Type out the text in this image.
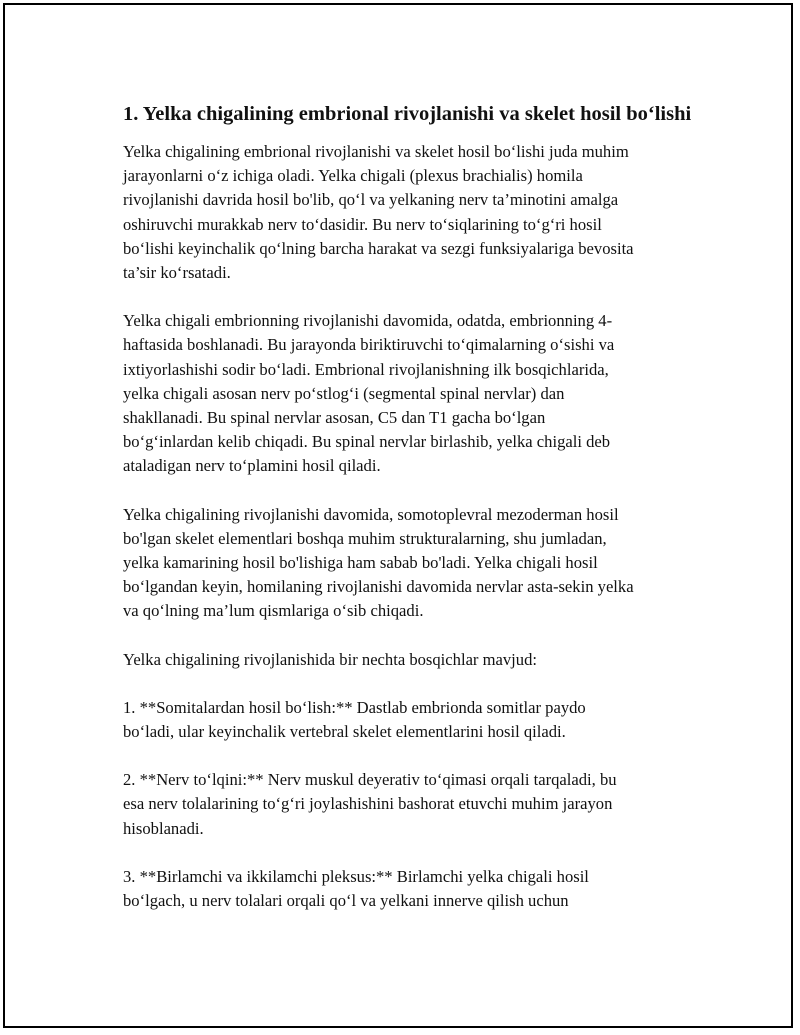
1. Yelka chigalining embrional rivojlanishi va skelet hosil bo‘lishi

Yelka chigalining embrional rivojlanishi va skelet hosil bo‘lishi juda muhim
jarayonlarni o‘z ichiga oladi. Yelka chigali (plexus brachialis) homila
rivojlanishi davrida hosil bo'lib, qo‘l va yelkaning nerv ta’minotini amalga
oshiruvchi murakkab nerv to‘dasidir. Bu nerv to‘siqlarining to‘g‘ri hosil
bo‘lishi keyinchalik qo‘lning barcha harakat va sezgi funksiyalariga bevosita
ta’sir ko‘rsatadi.

Yelka chigali embrionning rivojlanishi davomida, odatda, embrionning 4-
haftasida boshlanadi. Bu jarayonda biriktiruvchi to‘qimalarning o‘sishi va
ixtiyorlashishi sodir bo‘ladi. Embrional rivojlanishning ilk bosqichlarida,
yelka chigali asosan nerv po‘stlog‘i (segmental spinal nervlar) dan
shakllanadi. Bu spinal nervlar asosan, C5 dan T1 gacha bo‘lgan
bo‘g‘inlardan kelib chiqadi. Bu spinal nervlar birlashib, yelka chigali deb
ataladigan nerv to‘plamini hosil qiladi.

Yelka chigalining rivojlanishi davomida, somotoplevral mezoderman hosil
bo'lgan skelet elementlari boshqa muhim strukturalarning, shu jumladan,
yelka kamarining hosil bo'lishiga ham sabab bo'ladi. Yelka chigali hosil
bo‘lgandan keyin, homilaning rivojlanishi davomida nervlar asta-sekin yelka
va qo‘lning ma’lum qismlariga o‘sib chiqadi.

Yelka chigalining rivojlanishida bir nechta bosqichlar mavjud:

1. **Somitalardan hosil bo‘lish:** Dastlab embrionda somitlar paydo
bo‘ladi, ular keyinchalik vertebral skelet elementlarini hosil qiladi.

2. **Nerv to‘lqini:** Nerv muskul deyerativ to‘qimasi orqali tarqaladi, bu
esa nerv tolalarining to‘g‘ri joylashishini bashorat etuvchi muhim jarayon
hisoblanadi.

3. **Birlamchi va ikkilamchi pleksus:** Birlamchi yelka chigali hosil
bo‘lgach, u nerv tolalari orqali qo‘l va yelkani innerve qilish uchun
